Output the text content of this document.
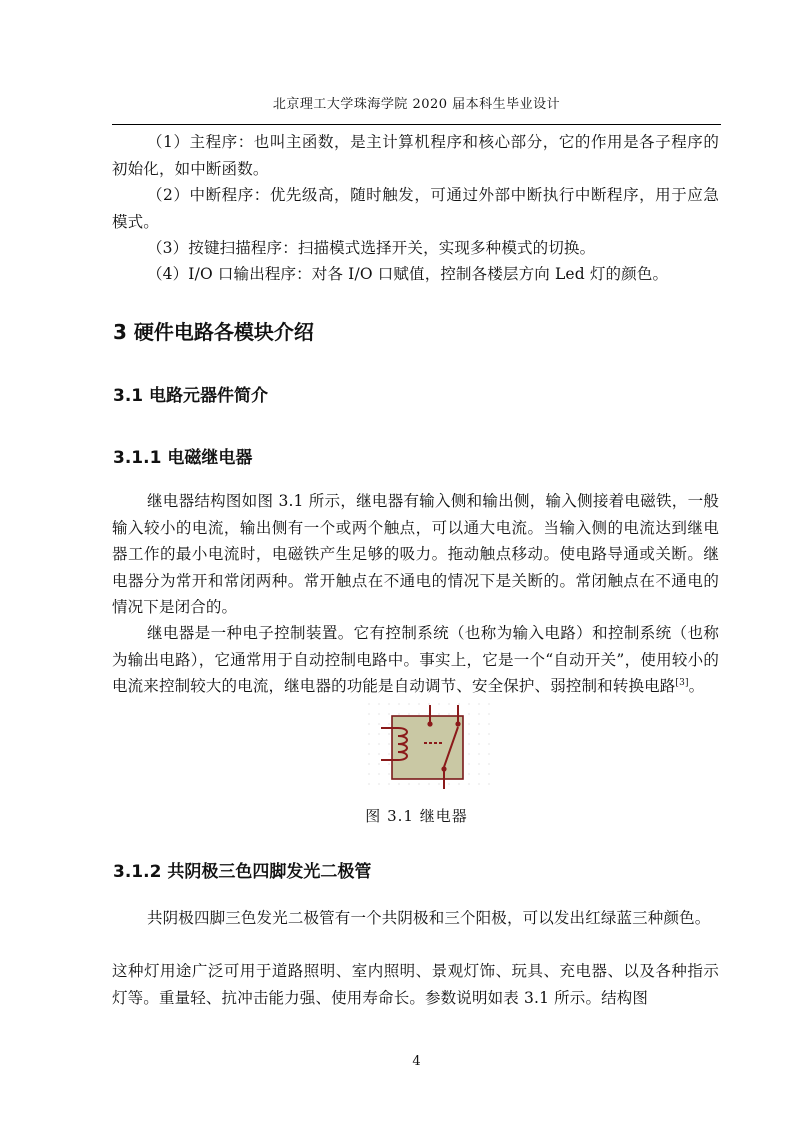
北京理工大学珠海学院 2020 届本科生毕业设计

（1）主程序：也叫主函数，是主计算机程序和核心部分，它的作用是各子程序的初始化，如中断函数。

（2）中断程序：优先级高，随时触发，可通过外部中断执行中断程序，用于应急模式。

（3）按键扫描程序：扫描模式选择开关，实现多种模式的切换。

（4）I/O 口输出程序：对各 I/O 口赋值，控制各楼层方向 Led 灯的颜色。

3 硬件电路各模块介绍
3.1 电路元器件简介
3.1.1 电磁继电器

继电器结构图如图 3.1 所示，继电器有输入侧和输出侧，输入侧接着电磁铁，一般输入较小的电流，输出侧有一个或两个触点，可以通大电流。当输入侧的电流达到继电器工作的最小电流时，电磁铁产生足够的吸力。拖动触点移动。使电路导通或关断。继电器分为常开和常闭两种。常开触点在不通电的情况下是关断的。常闭触点在不通电的情况下是闭合的。

继电器是一种电子控制装置。它有控制系统（也称为输入电路）和控制系统（也称为输出电路），它通常用于自动控制电路中。事实上，它是一个“自动开关”，使用较小的电流来控制较大的电流，继电器的功能是自动调节、安全保护、弱控制和转换电路[3]。

图 3.1 继电器
3.1.2 共阴极三色四脚发光二极管

共阴极四脚三色发光二极管有一个共阴极和三个阳极，可以发出红绿蓝三种颜色。

这种灯用途广泛可用于道路照明、室内照明、景观灯饰、玩具、充电器、以及各种指示灯等。重量轻、抗冲击能力强、使用寿命长。参数说明如表 3.1 所示。结构图

4
